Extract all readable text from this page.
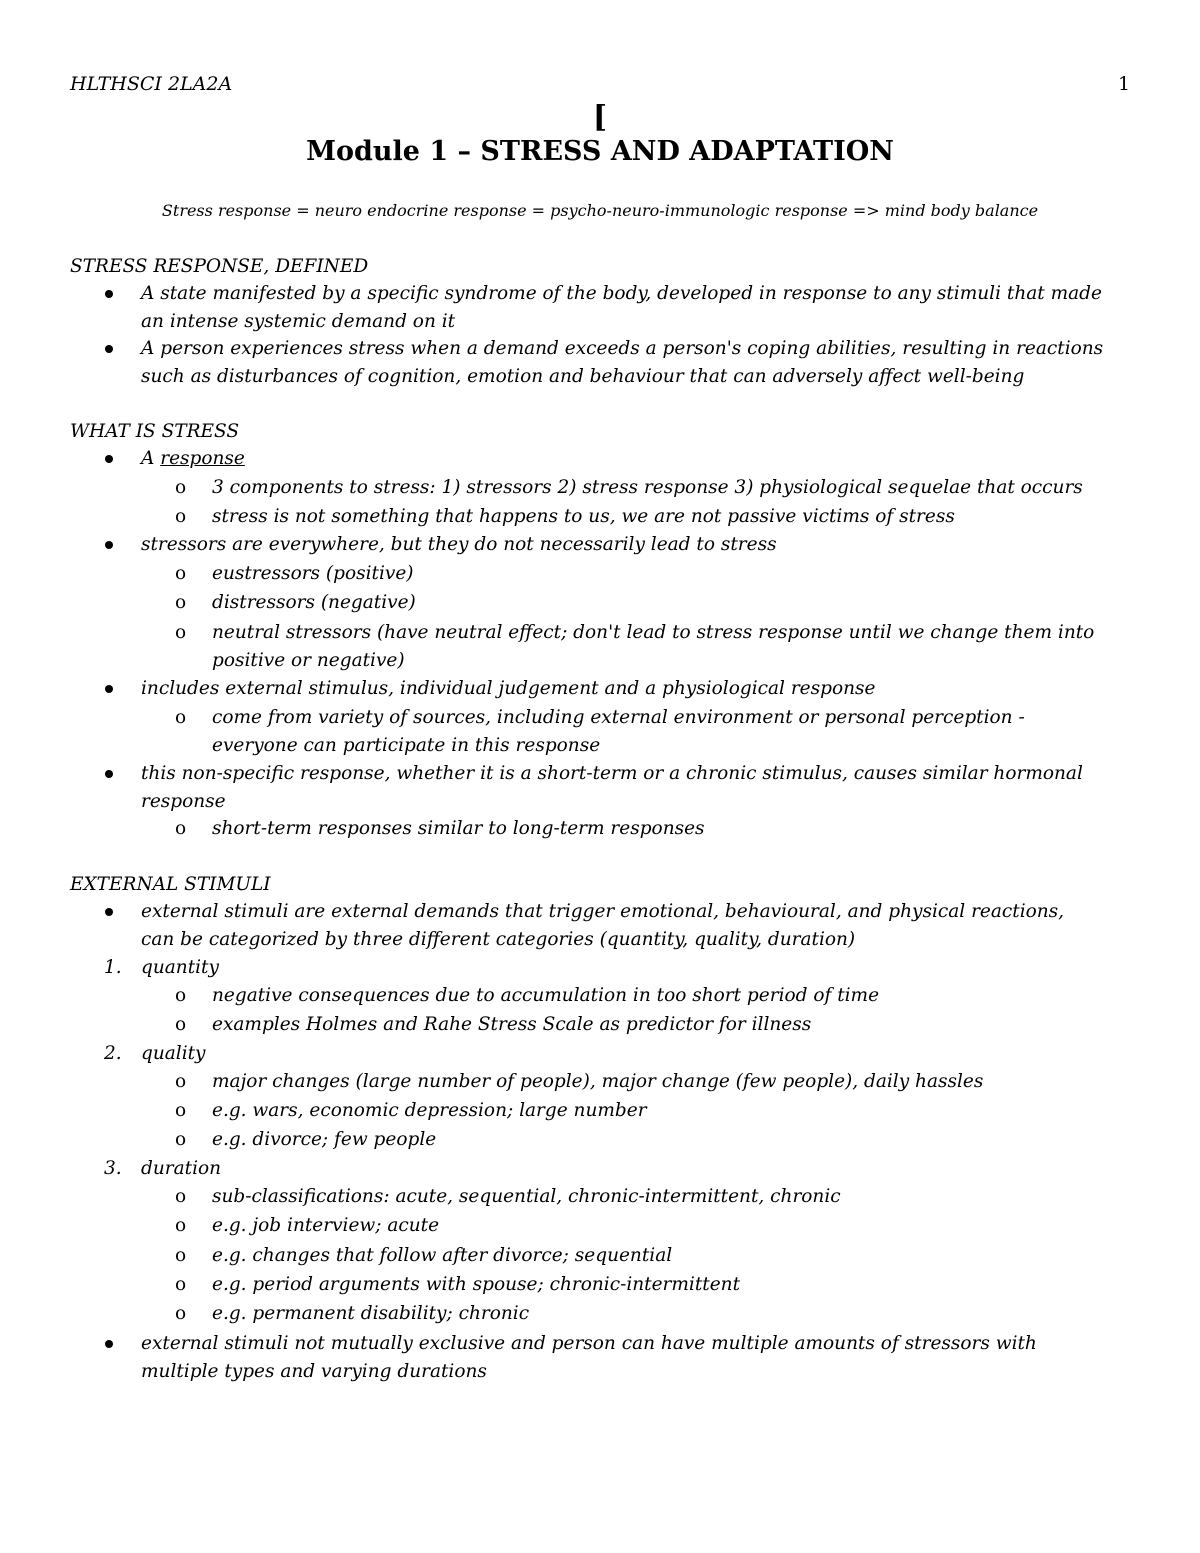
HLTHSCI 2LA2A	1
[
Module 1 – STRESS AND ADAPTATION
Stress response = neuro endocrine response = psycho-neuro-immunologic response => mind body balance
STRESS RESPONSE, DEFINED
A state manifested by a specific syndrome of the body, developed in response to any stimuli that made
an intense systemic demand on it
A person experiences stress when a demand exceeds a person's coping abilities, resulting in reactions
such as disturbances of cognition, emotion and behaviour that can adversely affect well-being
WHAT IS STRESS
A response
o 3 components to stress: 1) stressors 2) stress response 3) physiological sequelae that occurs
o stress is not something that happens to us, we are not passive victims of stress
stressors are everywhere, but they do not necessarily lead to stress
o eustressors (positive)
o distressors (negative)
o neutral stressors (have neutral effect; don't lead to stress response until we change them into
positive or negative)
includes external stimulus, individual judgement and a physiological response
o come from variety of sources, including external environment or personal perception -
everyone can participate in this response
this non-specific response, whether it is a short-term or a chronic stimulus, causes similar hormonal
response
o short-term responses similar to long-term responses
EXTERNAL STIMULI
external stimuli are external demands that trigger emotional, behavioural, and physical reactions,
can be categorized by three different categories (quantity, quality, duration)
1. quantity
o negative consequences due to accumulation in too short period of time
o examples Holmes and Rahe Stress Scale as predictor for illness
2. quality
o major changes (large number of people), major change (few people), daily hassles
o e.g. wars, economic depression; large number
o e.g. divorce; few people
3. duration
o sub-classifications: acute, sequential, chronic-intermittent, chronic
o e.g. job interview; acute
o e.g. changes that follow after divorce; sequential
o e.g. period arguments with spouse; chronic-intermittent
o e.g. permanent disability; chronic
external stimuli not mutually exclusive and person can have multiple amounts of stressors with
multiple types and varying durations
